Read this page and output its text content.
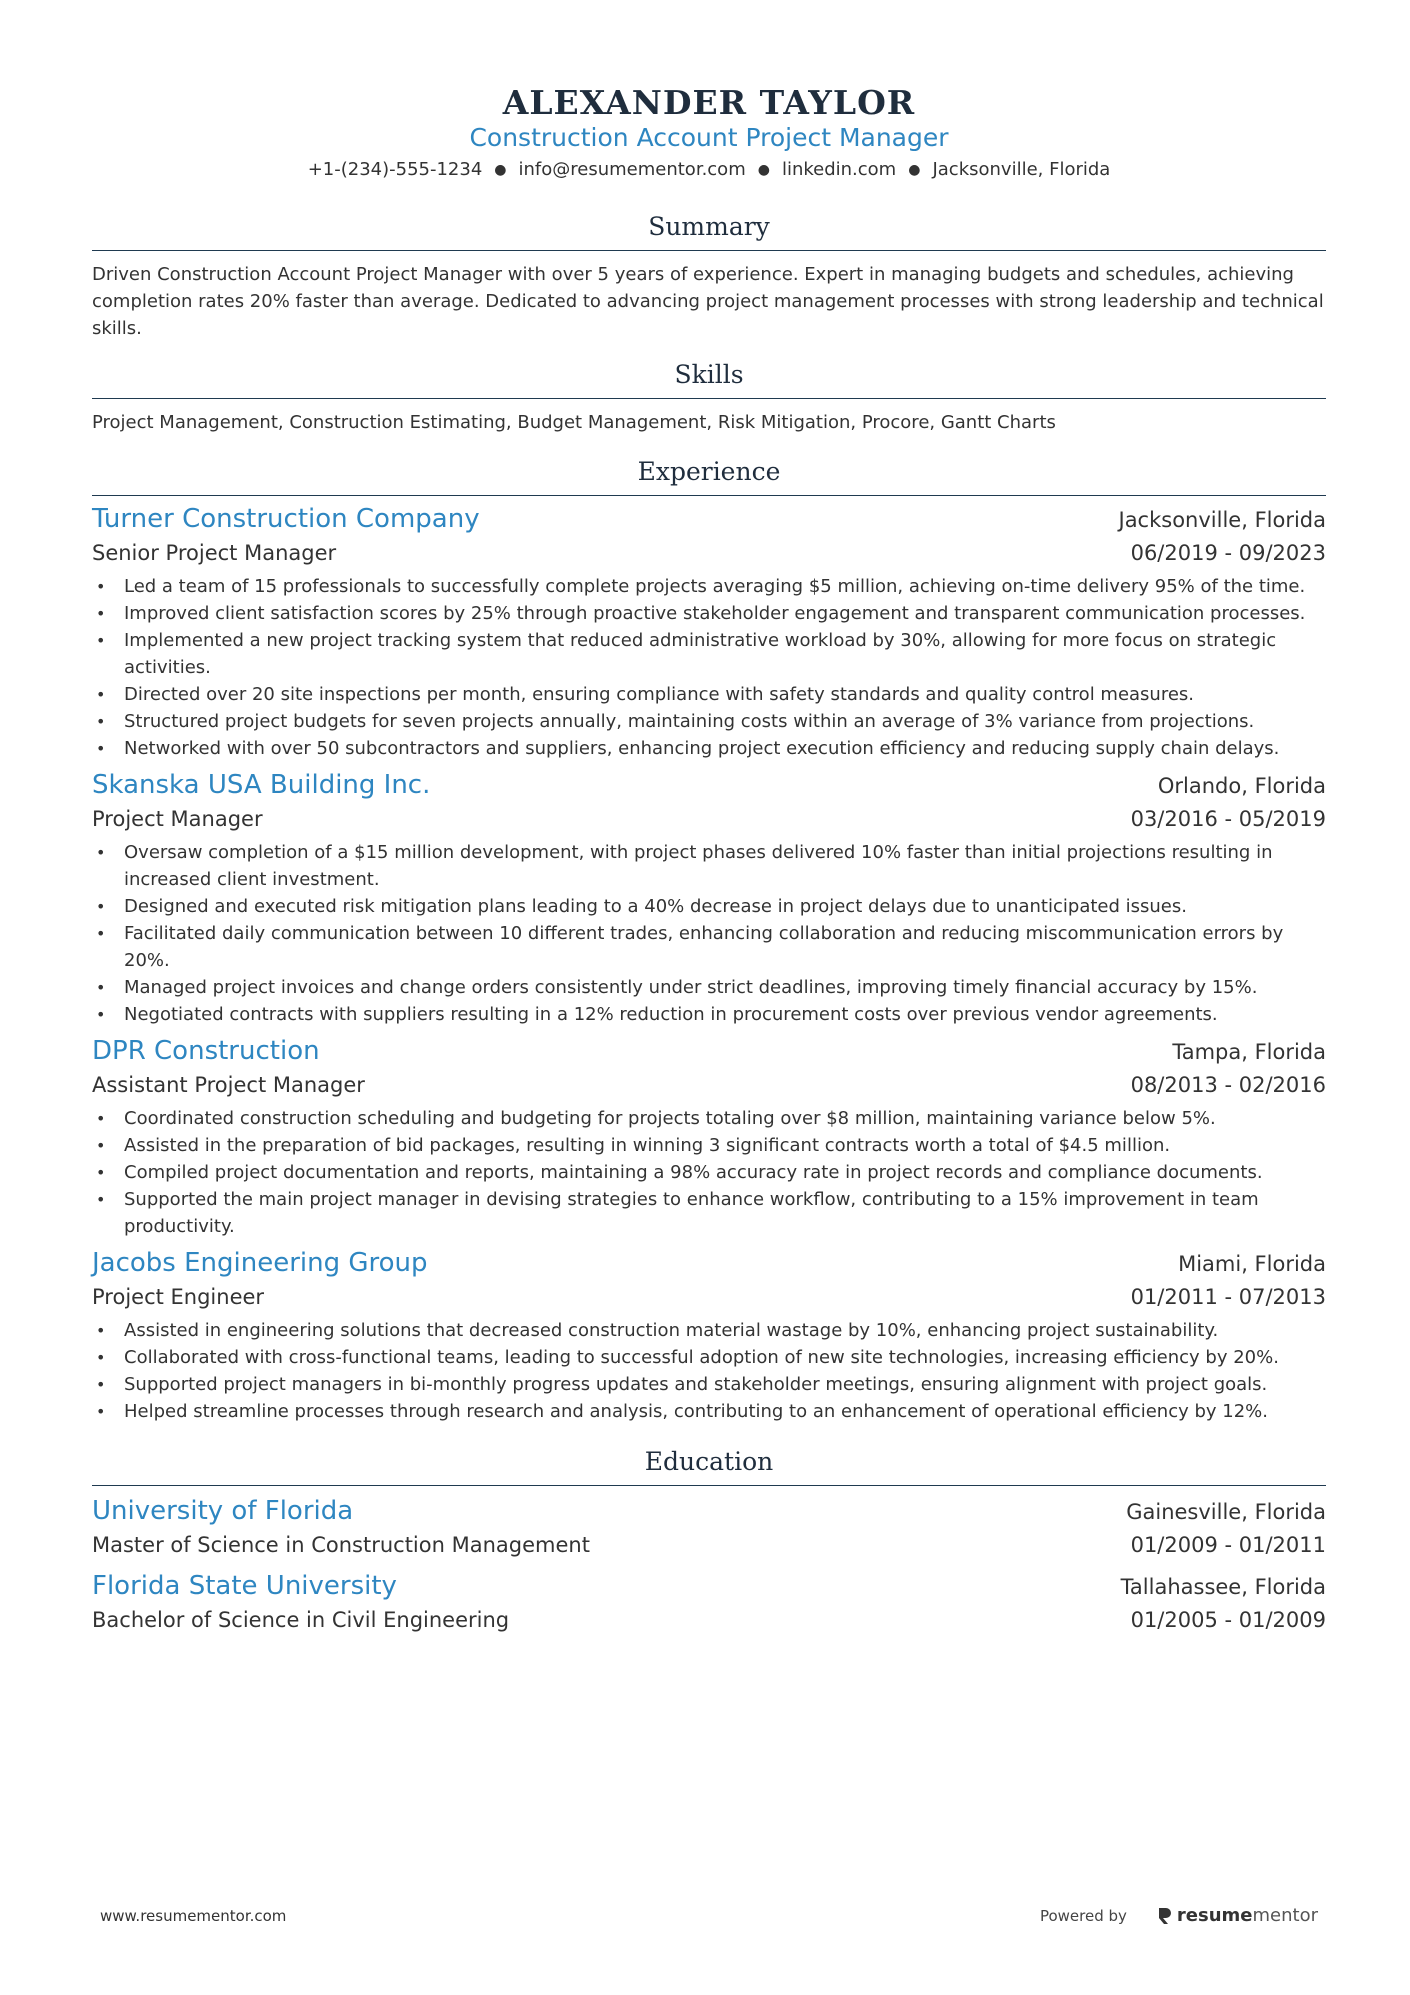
ALEXANDER TAYLOR
Construction Account Project Manager
+1-(234)-555-1234 ● info@resumementor.com ● linkedin.com ● Jacksonville, Florida
Summary
Driven Construction Account Project Manager with over 5 years of experience. Expert in managing budgets and schedules, achieving completion rates 20% faster than average. Dedicated to advancing project management processes with strong leadership and technical skills.
Skills
Project Management, Construction Estimating, Budget Management, Risk Mitigation, Procore, Gantt Charts
Experience
Turner Construction Company	Jacksonville, Florida
Senior Project Manager	06/2019 - 09/2023
• Led a team of 15 professionals to successfully complete projects averaging $5 million, achieving on-time delivery 95% of the time.
• Improved client satisfaction scores by 25% through proactive stakeholder engagement and transparent communication processes.
• Implemented a new project tracking system that reduced administrative workload by 30%, allowing for more focus on strategic activities.
• Directed over 20 site inspections per month, ensuring compliance with safety standards and quality control measures.
• Structured project budgets for seven projects annually, maintaining costs within an average of 3% variance from projections.
• Networked with over 50 subcontractors and suppliers, enhancing project execution efficiency and reducing supply chain delays.
Skanska USA Building Inc.	Orlando, Florida
Project Manager	03/2016 - 05/2019
• Oversaw completion of a $15 million development, with project phases delivered 10% faster than initial projections resulting in increased client investment.
• Designed and executed risk mitigation plans leading to a 40% decrease in project delays due to unanticipated issues.
• Facilitated daily communication between 10 different trades, enhancing collaboration and reducing miscommunication errors by 20%.
• Managed project invoices and change orders consistently under strict deadlines, improving timely financial accuracy by 15%.
• Negotiated contracts with suppliers resulting in a 12% reduction in procurement costs over previous vendor agreements.
DPR Construction	Tampa, Florida
Assistant Project Manager	08/2013 - 02/2016
• Coordinated construction scheduling and budgeting for projects totaling over $8 million, maintaining variance below 5%.
• Assisted in the preparation of bid packages, resulting in winning 3 significant contracts worth a total of $4.5 million.
• Compiled project documentation and reports, maintaining a 98% accuracy rate in project records and compliance documents.
• Supported the main project manager in devising strategies to enhance workflow, contributing to a 15% improvement in team productivity.
Jacobs Engineering Group	Miami, Florida
Project Engineer	01/2011 - 07/2013
• Assisted in engineering solutions that decreased construction material wastage by 10%, enhancing project sustainability.
• Collaborated with cross-functional teams, leading to successful adoption of new site technologies, increasing efficiency by 20%.
• Supported project managers in bi-monthly progress updates and stakeholder meetings, ensuring alignment with project goals.
• Helped streamline processes through research and analysis, contributing to an enhancement of operational efficiency by 12%.
Education
University of Florida	Gainesville, Florida
Master of Science in Construction Management	01/2009 - 01/2011
Florida State University	Tallahassee, Florida
Bachelor of Science in Civil Engineering	01/2005 - 01/2009
www.resumementor.com	Powered by	resume mentor
